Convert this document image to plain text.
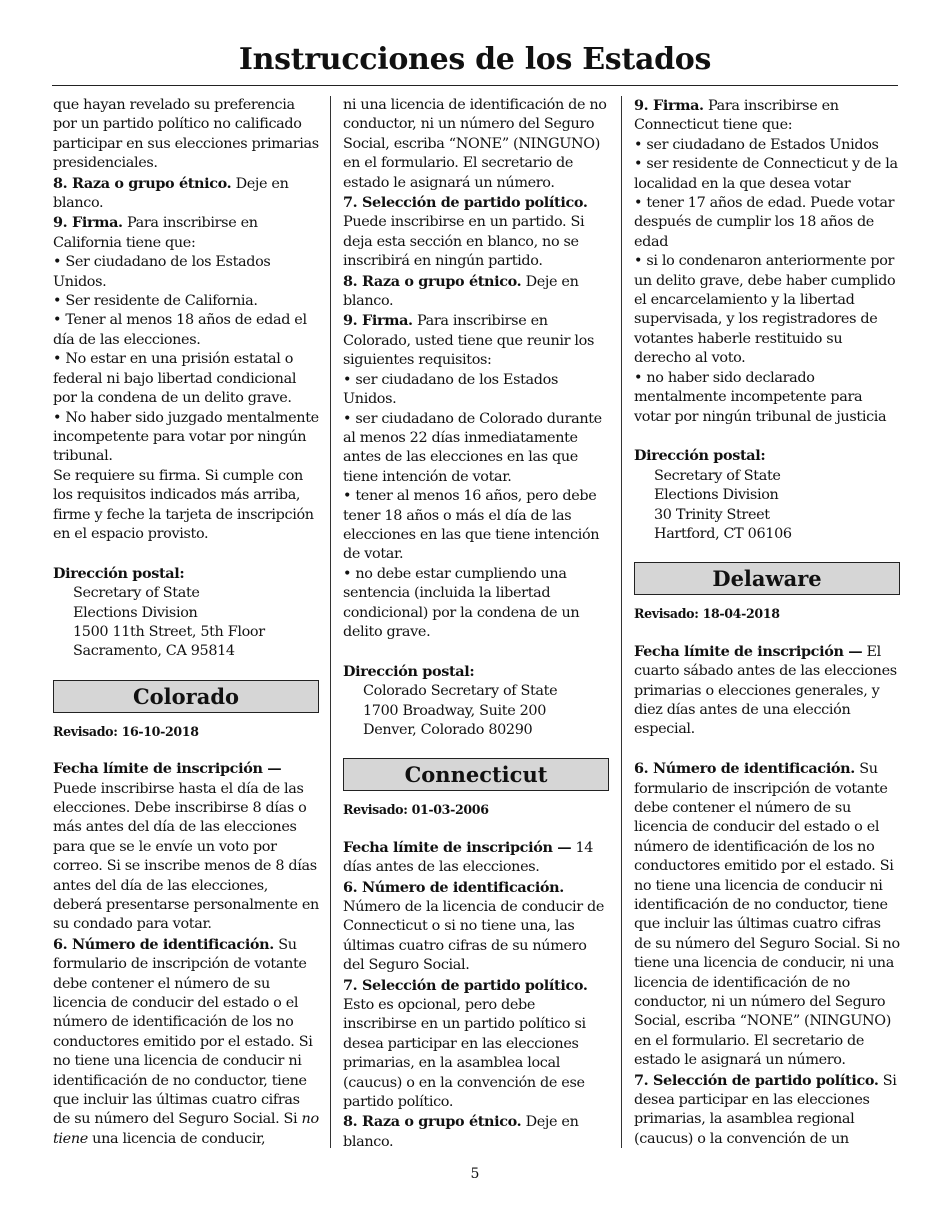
Instrucciones de los Estados

que hayan revelado su preferencia por un partido político no calificado participar en sus elecciones primarias presidenciales.

8. Raza o grupo étnico. Deje en blanco.

9. Firma. Para inscribirse en California tiene que:

• Ser ciudadano de los Estados Unidos.

• Ser residente de California.

• Tener al menos 18 años de edad el día de las elecciones.

• No estar en una prisión estatal o federal ni bajo libertad condicional por la condena de un delito grave.

• No haber sido juzgado mentalmente incompetente para votar por ningún tribunal.

Se requiere su firma. Si cumple con los requisitos indicados más arriba, firme y feche la tarjeta de inscripción en el espacio provisto.

Dirección postal:

Secretary of State

Elections Division

1500 11th Street, 5th Floor

Sacramento, CA 95814

Colorado

Revisado: 16-10-2018

Fecha límite de inscripción — Puede inscribirse hasta el día de las elecciones. Debe inscribirse 8 días o más antes del día de las elecciones para que se le envíe un voto por correo. Si se inscribe menos de 8 días antes del día de las elecciones, deberá presentarse personalmente en su condado para votar.

6. Número de identificación. Su formulario de inscripción de votante debe contener el número de su licencia de conducir del estado o el número de identificación de los no conductores emitido por el estado. Si no tiene una licencia de conducir ni identificación de no conductor, tiene que incluir las últimas cuatro cifras de su número del Seguro Social. Si no tiene una licencia de conducir,

ni una licencia de identificación de no conductor, ni un número del Seguro Social, escriba “NONE” (NINGUNO) en el formulario. El secretario de estado le asignará un número.

7. Selección de partido político. Puede inscribirse en un partido. Si deja esta sección en blanco, no se inscribirá en ningún partido.

8. Raza o grupo étnico. Deje en blanco.

9. Firma. Para inscribirse en Colorado, usted tiene que reunir los siguientes requisitos:

• ser ciudadano de los Estados Unidos.

• ser ciudadano de Colorado durante al menos 22 días inmediatamente antes de las elecciones en las que tiene intención de votar.

• tener al menos 16 años, pero debe tener 18 años o más el día de las elecciones en las que tiene intención de votar.

• no debe estar cumpliendo una sentencia (incluida la libertad condicional) por la condena de un delito grave.

Dirección postal:

Colorado Secretary of State

1700 Broadway, Suite 200

Denver, Colorado 80290

Connecticut

Revisado: 01-03-2006

Fecha límite de inscripción — 14 días antes de las elecciones.

6. Número de identificación. Número de la licencia de conducir de Connecticut o si no tiene una, las últimas cuatro cifras de su número del Seguro Social.

7. Selección de partido político. Esto es opcional, pero debe inscribirse en un partido político si desea participar en las elecciones primarias, en la asamblea local (caucus) o en la convención de ese partido político.

8. Raza o grupo étnico. Deje en blanco.

9. Firma. Para inscribirse en Connecticut tiene que:

• ser ciudadano de Estados Unidos

• ser residente de Connecticut y de la localidad en la que desea votar

• tener 17 años de edad. Puede votar después de cumplir los 18 años de edad

• si lo condenaron anteriormente por un delito grave, debe haber cumplido el encarcelamiento y la libertad supervisada, y los registradores de votantes haberle restituido su derecho al voto.

• no haber sido declarado mentalmente incompetente para votar por ningún tribunal de justicia

Dirección postal:

Secretary of State

Elections Division

30 Trinity Street

Hartford, CT 06106

Delaware

Revisado: 18-04-2018

Fecha límite de inscripción — El cuarto sábado antes de las elecciones primarias o elecciones generales, y diez días antes de una elección especial.

6. Número de identificación. Su formulario de inscripción de votante debe contener el número de su licencia de conducir del estado o el número de identificación de los no conductores emitido por el estado. Si no tiene una licencia de conducir ni identificación de no conductor, tiene que incluir las últimas cuatro cifras de su número del Seguro Social. Si no tiene una licencia de conducir, ni una licencia de identificación de no conductor, ni un número del Seguro Social, escriba “NONE” (NINGUNO) en el formulario. El secretario de estado le asignará un número.

7. Selección de partido político. Si desea participar en las elecciones primarias, la asamblea regional (caucus) o la convención de un

5
